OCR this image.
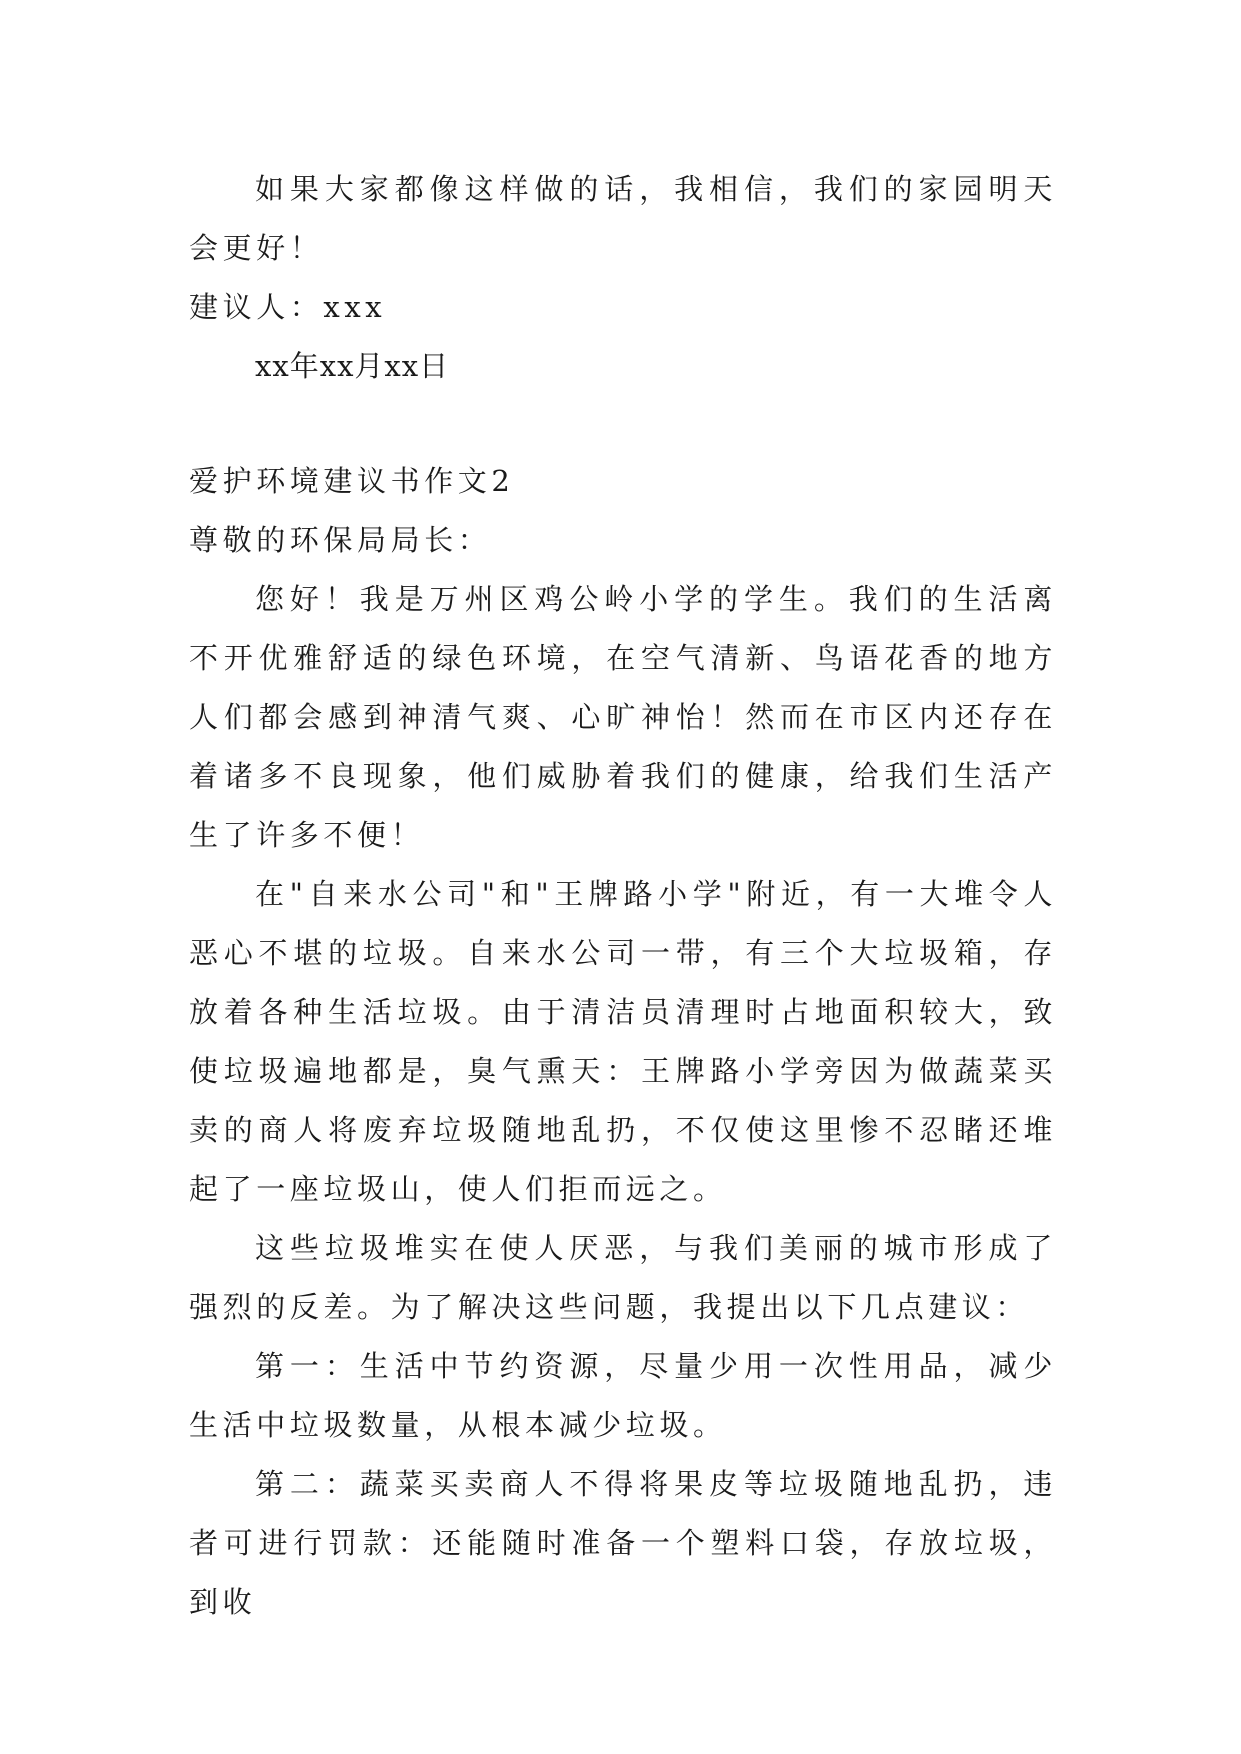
如果大家都像这样做的话，我相信，我们的家园明天会更好！

建议人：xxx

xx年xx月xx日

爱护环境建议书作文2

尊敬的环保局局长：

您好！我是万州区鸡公岭小学的学生。我们的生活离不开优雅舒适的绿色环境，在空气清新、鸟语花香的地方人们都会感到神清气爽、心旷神怡！然而在市区内还存在着诸多不良现象，他们威胁着我们的健康，给我们生活产生了许多不便！

在"自来水公司"和"王牌路小学"附近，有一大堆令人恶心不堪的垃圾。自来水公司一带，有三个大垃圾箱，存放着各种生活垃圾。由于清洁员清理时占地面积较大，致使垃圾遍地都是，臭气熏天：王牌路小学旁因为做蔬菜买卖的商人将废弃垃圾随地乱扔，不仅使这里惨不忍睹还堆起了一座垃圾山，使人们拒而远之。

这些垃圾堆实在使人厌恶，与我们美丽的城市形成了强烈的反差。为了解决这些问题，我提出以下几点建议：

第一：生活中节约资源，尽量少用一次性用品，减少生活中垃圾数量，从根本减少垃圾。

第二：蔬菜买卖商人不得将果皮等垃圾随地乱扔，违者可进行罚款：还能随时准备一个塑料口袋，存放垃圾，到收
